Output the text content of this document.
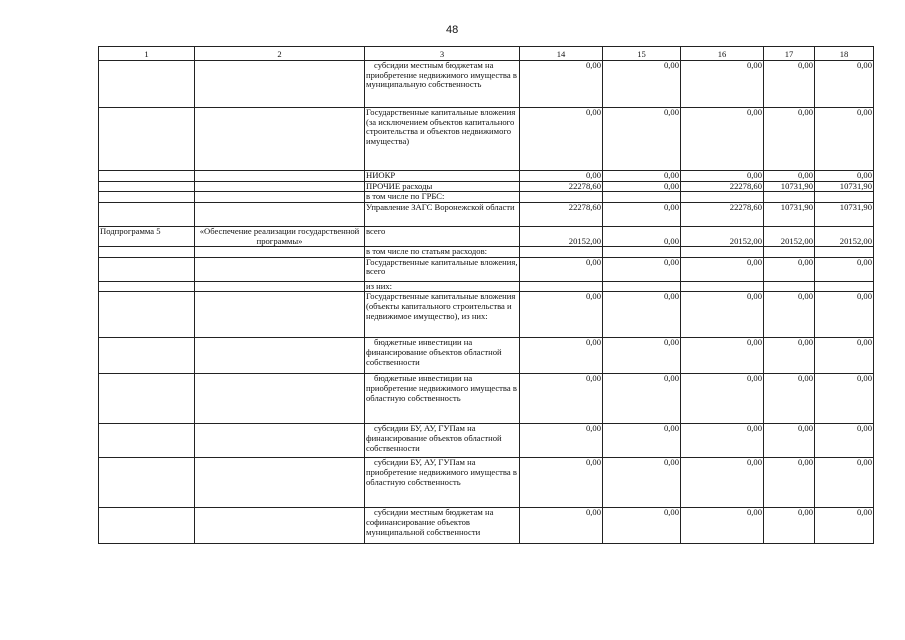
48
1	2	3	14	15	16	17	18
		субсидии местным бюджетам на приобретение недвижимого имущества в муниципальную собственность	0,00	0,00	0,00	0,00	0,00
		Государственные капитальные вложения (за исключением объектов капитального строительства и объектов недвижимого имущества)	0,00	0,00	0,00	0,00	0,00
		НИОКР	0,00	0,00	0,00	0,00	0,00
		ПРОЧИЕ расходы	22278,60	0,00	22278,60	10731,90	10731,90
		в том числе по ГРБС:					
		Управление ЗАГС Воронежской области	22278,60	0,00	22278,60	10731,90	10731,90
Подпрограмма 5	«Обеспечение реализации государственной программы»	всего	20152,00	0,00	20152,00	20152,00	20152,00
		в том числе по статьям расходов:					
		Государственные капитальные вложения, всего	0,00	0,00	0,00	0,00	0,00
		из них:					
		Государственные капитальные вложения (объекты капитального строительства и недвижимое имущество), из них:	0,00	0,00	0,00	0,00	0,00
		бюджетные инвестиции на финансирование объектов областной собственности	0,00	0,00	0,00	0,00	0,00
		бюджетные инвестиции на приобретение недвижимого имущества в областную собственность	0,00	0,00	0,00	0,00	0,00
		субсидии БУ, АУ, ГУПам на финансирование объектов областной собственности	0,00	0,00	0,00	0,00	0,00
		субсидии БУ, АУ, ГУПам на приобретение недвижимого имущества в областную собственность	0,00	0,00	0,00	0,00	0,00
		субсидии местным бюджетам на софинансирование объектов муниципальной собственности	0,00	0,00	0,00	0,00	0,00
